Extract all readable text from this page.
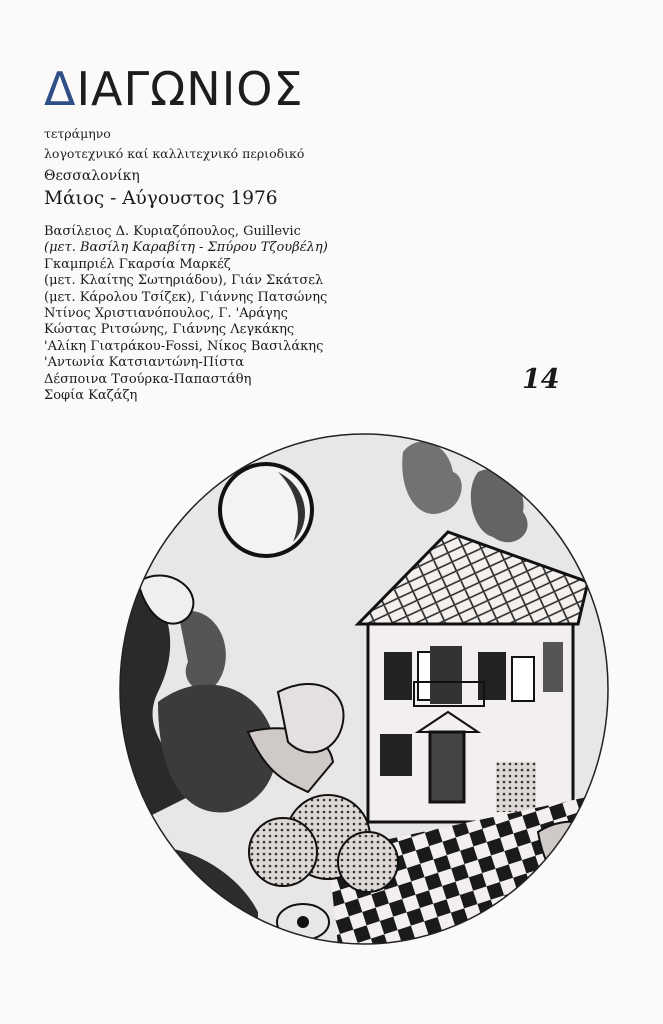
ΔΙΑΓΩΝΙΟΣ
τετράμηνο
λογοτεχνικό καί καλλιτεχνικό περιοδικό
Θεσσαλονίκη
Μάιος - Αύγουστος 1976
Βασίλειος Δ. Κυριαζόπουλος, Guillevic
(μετ. Βασίλη Καραβίτη - Σπύρου Τζουβέλη)
Γκαμπριέλ Γκαρσία Μαρκέζ
(μετ. Κλαίτης Σωτηριάδου), Γιάν Σκάτσελ
(μετ. Κάρολου Τσίζεκ), Γιάννης Πατσώνης
Ντίνος Χριστιανόπουλος, Γ. 'Αράγης
Κώστας Ριτσώνης, Γιάννης Λεγκάκης
'Αλίκη Γιατράκου-Fossi, Νίκος Βασιλάκης
'Αντωνία Κατσιαντώνη-Πίστα
Δέσποινα Τσούρκα-Παπαστάθη
Σοφία Καζάζη
14
